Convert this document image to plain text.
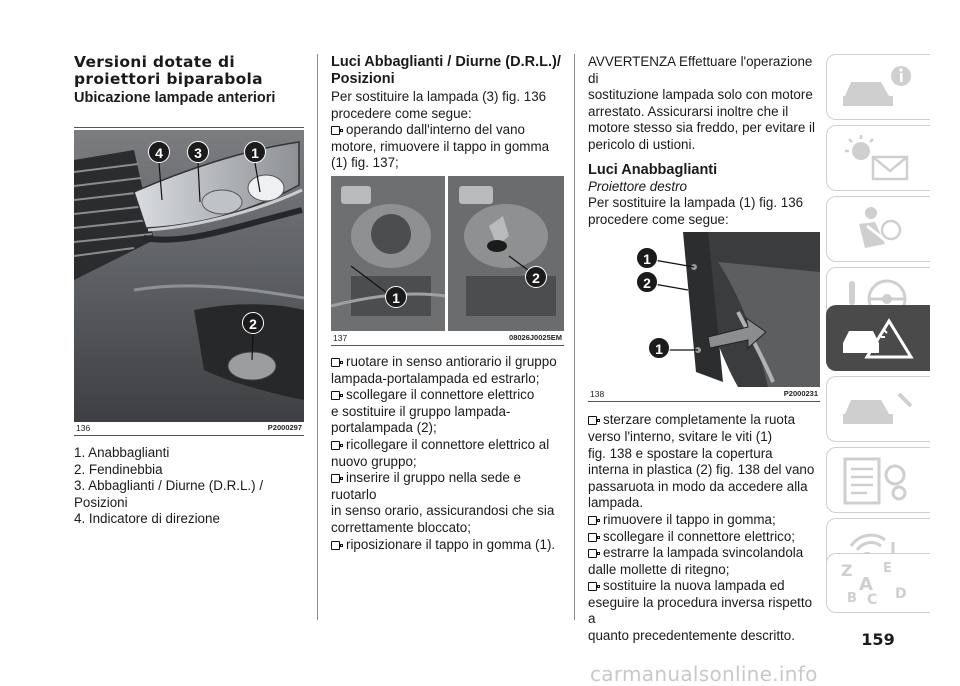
Versioni dotate di
proiettori biparabola
Ubicazione lampade anteriori
4	3	1
2
136	P2000297
1. Anabbaglianti
2. Fendinebbia
3. Abbaglianti / Diurne (D.R.L.) /
Posizioni
4. Indicatore di direzione
Luci Abbaglianti / Diurne (D.R.L.)/
Posizioni
Per sostituire la lampada (3) fig. 136
procedere come segue:
operando dall'interno del vano
motore, rimuovere il tappo in gomma
(1) fig. 137;
1
2
137	08026J0025EM
ruotare in senso antiorario il gruppo
lampada-portalampada ed estrarlo;
scollegare il connettore elettrico
e sostituire il gruppo lampada-
portalampada (2);
ricollegare il connettore elettrico al
nuovo gruppo;
inserire il gruppo nella sede e ruotarlo
in senso orario, assicurandosi che sia
correttamente bloccato;
riposizionare il tappo in gomma (1).
AVVERTENZA Effettuare l'operazione di
sostituzione lampada solo con motore
arrestato. Assicurarsi inoltre che il
motore stesso sia freddo, per evitare il
pericolo di ustioni.
Luci Anabbaglianti
Proiettore destro
Per sostituire la lampada (1) fig. 136
procedere come segue:
1
2
1
138	P2000231
sterzare completamente la ruota
verso l'interno, svitare le viti (1)
fig. 138 e spostare la copertura
interna in plastica (2) fig. 138 del vano
passaruota in modo da accedere alla
lampada.
rimuovere il tappo in gomma;
scollegare il connettore elettrico;
estrarre la lampada svincolandola
dalle mollette di ritegno;
sostituire la nuova lampada ed
eseguire la procedura inversa rispetto a
quanto precedentemente descritto.
Z E
A
B C D
159
carmanualsonline.info
